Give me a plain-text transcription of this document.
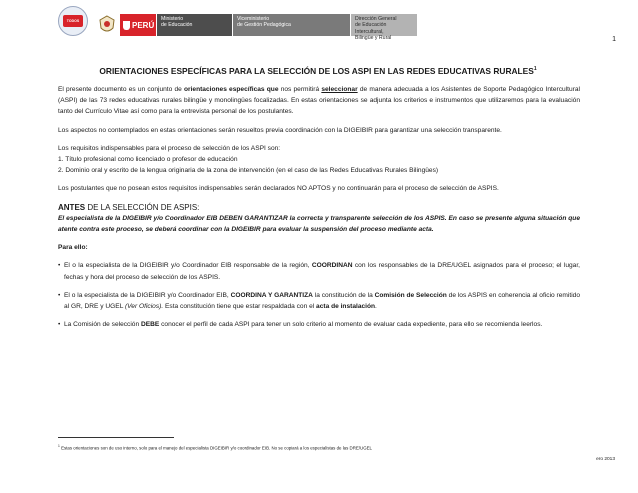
TODOS	PERÚ
Ministerio
de Educación
Viceministerio
de Gestión Pedagógica
Dirección General
de Educación Intercultural,
Bilingüe y Rural	1
ORIENTACIONES ESPECÍFICAS PARA LA SELECCIÓN DE LOS ASPI EN LAS REDES EDUCATIVAS RURALES$^1$

El presente documento es un conjunto de orientaciones específicas que nos permitirá seleccionar de manera adecuada a los Asistentes de Soporte Pedagógico Intercultural (ASPI) de las 73 redes educativas rurales bilingüe y monolingües focalizadas. En estas orientaciones se adjunta los criterios e instrumentos que utilizaremos para la evaluación tanto del Currículo Vitae así como para la entrevista personal de los postulantes.

Los aspectos no contemplados en estas orientaciones serán resueltos previa coordinación con la DIGEIBIR para garantizar una selección transparente.

Los requisitos indispensables para el proceso de selección de los ASPI son:

1. Título profesional como licenciado o profesor de educación

2. Dominio oral y escrito de la lengua originaria de la zona de intervención (en el caso de las Redes Educativas Rurales Bilingües)

Los postulantes que no posean estos requisitos indispensables serán declarados NO APTOS y no continuarán para el proceso de selección de ASPIS.

ANTES DE LA SELECCIÓN DE ASPIS:

El especialista de la DIGEIBIR y/o Coordinador EIB DEBEN GARANTIZAR la correcta y transparente selección de los ASPIS. En caso se presente alguna situación que atente contra este proceso, se deberá coordinar con la DIGEIBIR para evaluar la suspensión del proceso mediante acta.

Para ello:

• El o la especialista de la DIGEIBIR y/o Coordinador EIB responsable de la región, COORDINAN con los responsables de la DRE/UGEL asignados para el proceso; el lugar, fechas y hora del proceso de selección de los ASPIS.
• El o la especialista de la DIGEIBIR y/o Coordinador EIB, COORDINA Y GARANTIZA la constitución de la Comisión de Selección de los ASPIS en coherencia al oficio remitido al GR, DRE y UGEL (Ver Oficios). Esta constitución tiene que estar respaldada con el acta de instalación.
• La Comisión de selección DEBE conocer el perfil de cada ASPI para tener un solo criterio al momento de evaluar cada expediente, para ello se recomienda leerlos.
$^1$ Estas orientaciones son de uso interno, solo para el manejo del especialista DIGEIBIR y/o coordinador EIB. No se copiará a los especialistas de las DRE/UGEL
ero 2013
